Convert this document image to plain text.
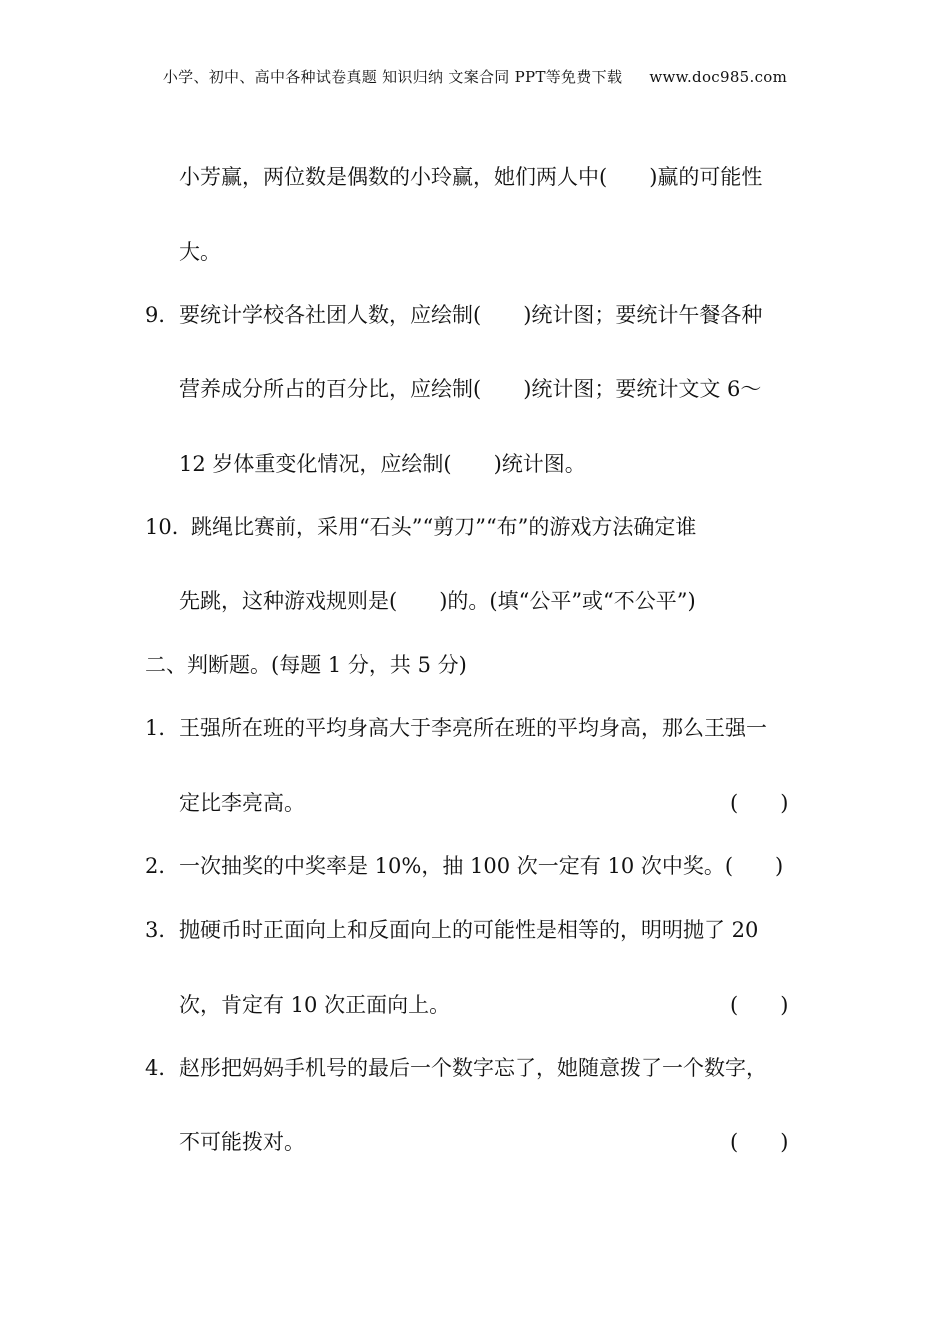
小学、初中、高中各种试卷真题 知识归纳 文案合同 PPT等免费下载 www.doc985.com
小芳赢，两位数是偶数的小玲赢，她们两人中(　　)赢的可能性
大。
9． 要统计学校各社团人数，应绘制(　　)统计图；要统计午餐各种
营养成分所占的百分比，应绘制(　　)统计图；要统计文文 6～
12 岁体重变化情况，应绘制(　　)统计图。
10．
跳绳比赛前，采用“石头”“剪刀”“布”的游戏方法确定谁
先跳，这种游戏规则是(　　)的。(填“公平”或“不公平”)
二、判断题。(每题 1 分，共 5 分)
1． 王强所在班的平均身高大于李亮所在班的平均身高，那么王强一
定比李亮高。	(　　)
2． 一次抽奖的中奖率是 10%，抽 100 次一定有 10 次中奖。(　　)
3． 抛硬币时正面向上和反面向上的可能性是相等的，明明抛了 20
次，肯定有 10 次正面向上。	(　　)
4． 赵彤把妈妈手机号的最后一个数字忘了，她随意拨了一个数字，
不可能拨对。	(　　)
